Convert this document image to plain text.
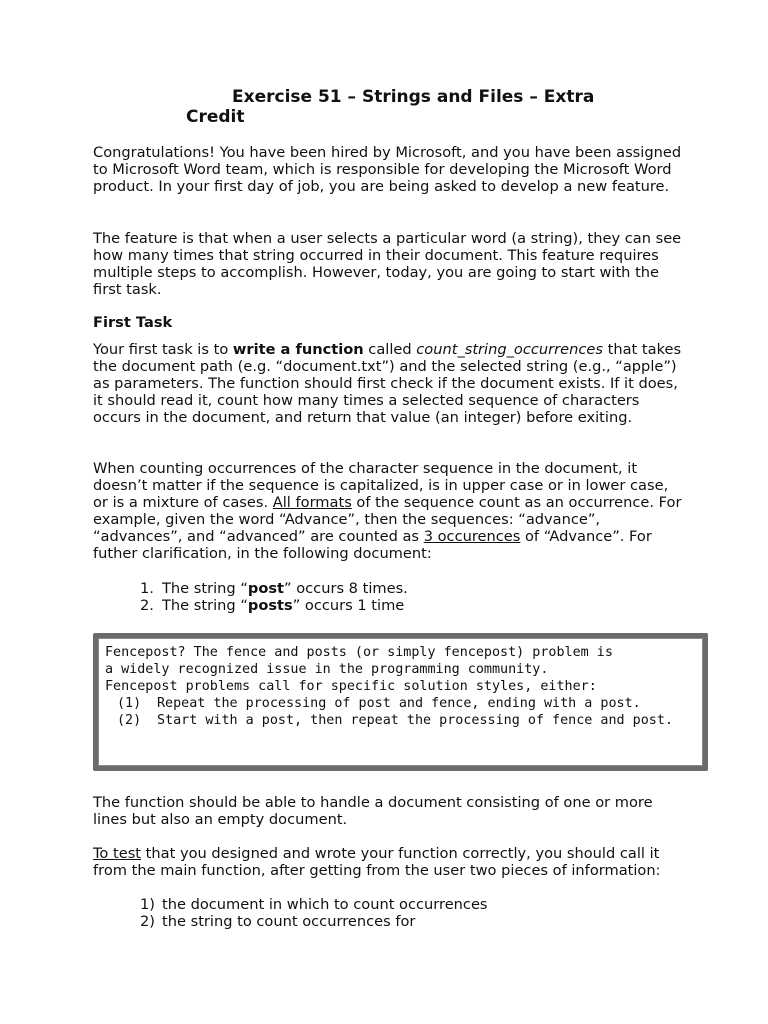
Exercise 51 – Strings and Files – Extra
Credit

Congratulations! You have been hired by Microsoft, and you have been assigned to Microsoft Word team, which is responsible for developing the Microsoft Word product. In your first day of job, you are being asked to develop a new feature.

The feature is that when a user selects a particular word (a string), they can see how many times that string occurred in their document. This feature requires multiple steps to accomplish. However, today, you are going to start with the first task.

First Task

Your first task is to write a function called count_string_occurrences that takes the document path (e.g. “document.txt”) and the selected string (e.g., “apple”) as parameters. The function should first check if the document exists. If it does, it should read it, count how many times a selected sequence of characters occurs in the document, and return that value (an integer) before exiting.

When counting occurrences of the character sequence in the document, it doesn’t matter if the sequence is capitalized, is in upper case or in lower case, or is a mixture of cases. All formats of the sequence count as an occurrence. For example, given the word “Advance”, then the sequences: “advance”, “advances”, and “advanced” are counted as 3 occurences of “Advance”. For futher clarification, in the following document:

1. The string “post” occurs 8 times.
2. The string “posts” occurs 1 time
Fencepost? The fence and posts (or simply fencepost) problem is
a widely recognized issue in the programming community.
Fencepost problems call for specific solution styles, either:
(1)	Repeat the processing of post and fence, ending with a post.
(2)	Start with a post, then repeat the processing of fence and post.

The function should be able to handle a document consisting of one or more lines but also an empty document.

To test that you designed and wrote your function correctly, you should call it from the main function, after getting from the user two pieces of information:

1) the document in which to count occurrences
2) the string to count occurrences for
